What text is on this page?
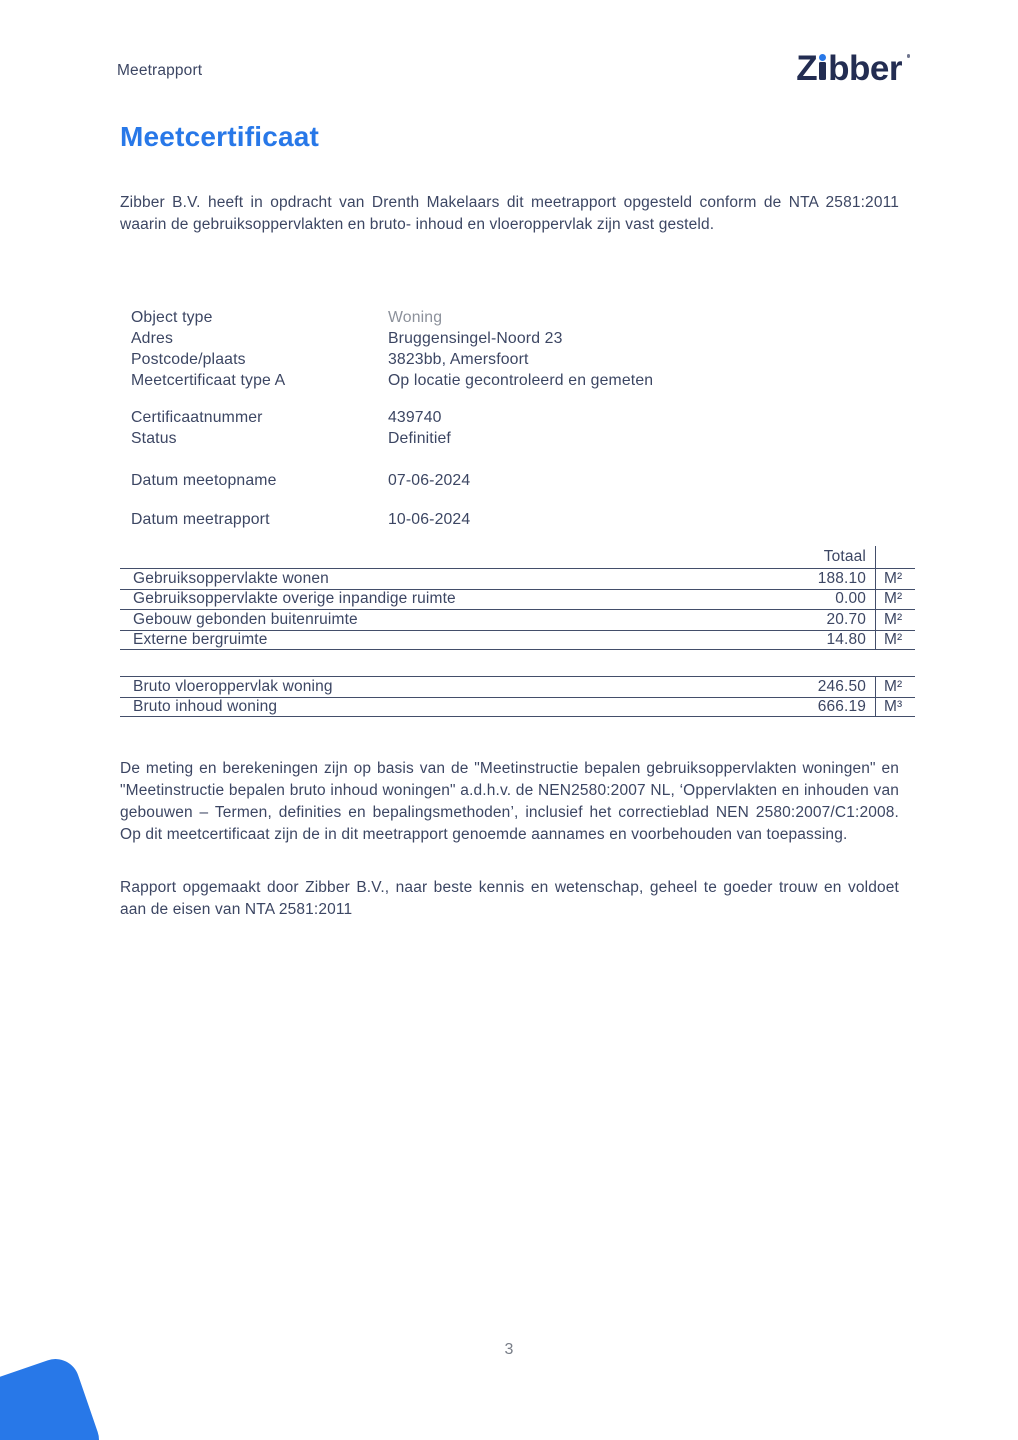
Meetrapport	Z bber
Meetcertificaat

Zibber B.V. heeft in opdracht van Drenth Makelaars dit meetrapport opgesteld conform de NTA 2581:2011 waarin de gebruiksoppervlakten en bruto- inhoud en vloeroppervlak zijn vast gesteld.

Object type	Woning
Adres	Bruggensingel-Noord 23
Postcode/plaats	3823bb, Amersfoort
Meetcertificaat type A	Op locatie gecontroleerd en gemeten
Certificaatnummer	439740
Status	Definitief
Datum meetopname	07-06-2024
Datum meetrapport	10-06-2024
Totaal
Gebruiksoppervlakte wonen	188.10	M²
Gebruiksoppervlakte overige inpandige ruimte	0.00	M²
Gebouw gebonden buitenruimte	20.70	M²
Externe bergruimte	14.80	M²
Bruto vloeroppervlak woning	246.50	M²
Bruto inhoud woning	666.19	M³

De meting en berekeningen zijn op basis van de "Meetinstructie bepalen gebruiksoppervlakten woningen" en "Meetinstructie bepalen bruto inhoud woningen" a.d.h.v. de NEN2580:2007 NL, ‘Oppervlakten en inhouden van gebouwen – Termen, definities en bepalingsmethoden’, inclusief het correctieblad NEN 2580:2007/C1:2008. Op dit meetcertificaat zijn de in dit meetrapport genoemde aannames en voorbehouden van toepassing.

Rapport opgemaakt door Zibber B.V., naar beste kennis en wetenschap, geheel te goeder trouw en voldoet aan de eisen van NTA 2581:2011

3
